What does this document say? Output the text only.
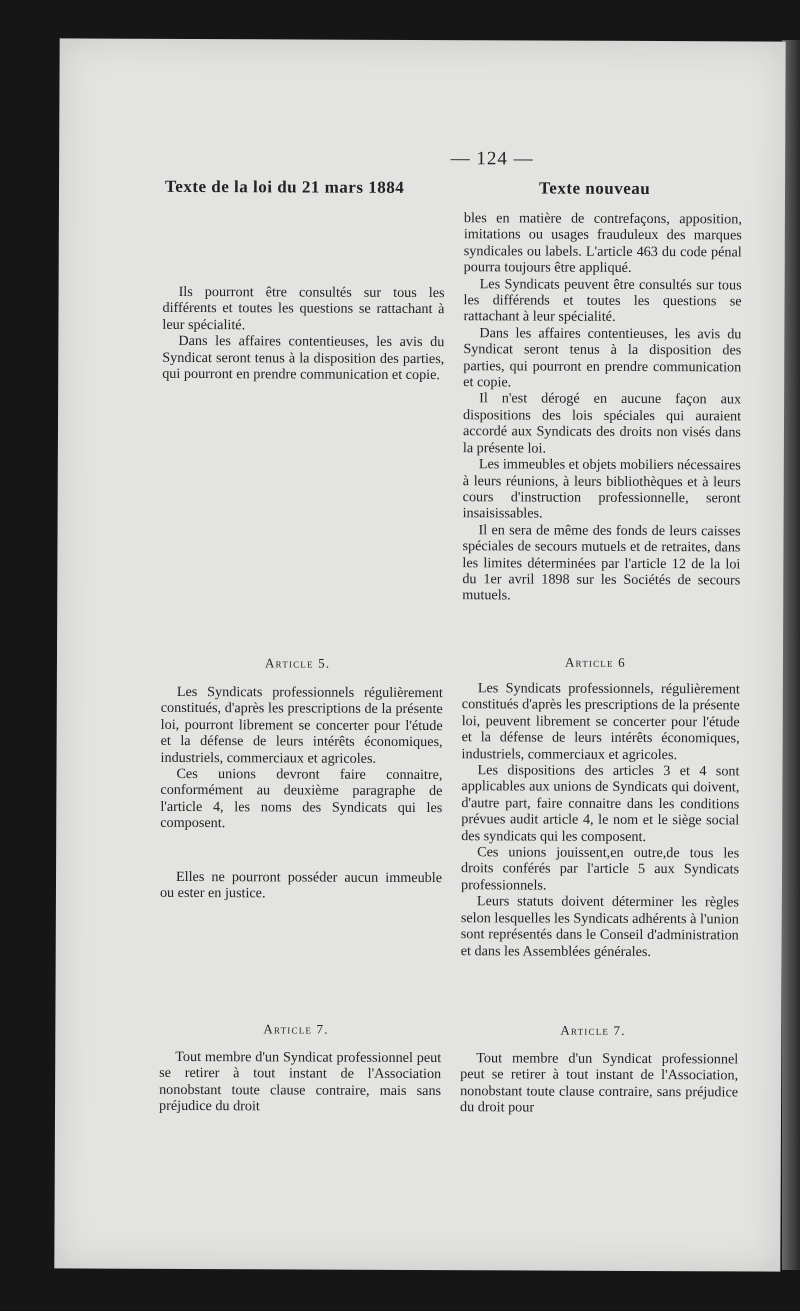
— 124 —
Texte de la loi du 21 mars 1884	Texte nouveau

Ils pourront être consultés sur tous les différents et toutes les questions se rattachant à leur spécialité.

Dans les affaires contentieuses, les avis du Syndicat seront tenus à la disposition des parties, qui pourront en prendre communication et copie.

Article 5.

Les Syndicats professionnels régulièrement constitués, d'après les prescriptions de la présente loi, pourront librement se concerter pour l'étude et la défense de leurs intérêts économiques, industriels, commerciaux et agricoles.

Ces unions devront faire connaitre, conformément au deuxième paragraphe de l'article 4, les noms des Syndicats qui les composent.

Elles ne pourront posséder aucun immeuble ou ester en justice.

Article 7.

Tout membre d'un Syndicat professionnel peut se retirer à tout instant de l'Association nonobstant toute clause contraire, mais sans préjudice du droit

bles en matière de contrefaçons, apposition, imitations ou usages frauduleux des marques syndicales ou labels. L'article 463 du code pénal pourra toujours être appliqué.

Les Syndicats peuvent être consultés sur tous les différends et toutes les questions se rattachant à leur spécialité.

Dans les affaires contentieuses, les avis du Syndicat seront tenus à la disposition des parties, qui pourront en prendre communication et copie.

Il n'est dérogé en aucune façon aux dispositions des lois spéciales qui auraient accordé aux Syndicats des droits non visés dans la présente loi.

Les immeubles et objets mobiliers nécessaires à leurs réunions, à leurs bibliothèques et à leurs cours d'instruction professionnelle, seront insaisissables.

Il en sera de même des fonds de leurs caisses spéciales de secours mutuels et de retraites, dans les limites déterminées par l'article 12 de la loi du 1er avril 1898 sur les Sociétés de secours mutuels.

Article 6

Les Syndicats professionnels, régulièrement constitués d'après les prescriptions de la présente loi, peuvent librement se concerter pour l'étude et la défense de leurs intérêts économiques, industriels, commerciaux et agricoles.

Les dispositions des articles 3 et 4 sont applicables aux unions de Syndicats qui doivent, d'autre part, faire connaitre dans les conditions prévues audit article 4, le nom et le siège social des syndicats qui les composent.

Ces unions jouissent,en outre,de tous les droits conférés par l'article 5 aux Syndicats professionnels.

Leurs statuts doivent déterminer les règles selon lesquelles les Syndicats adhérents à l'union sont représentés dans le Conseil d'administration et dans les Assemblées générales.

Article 7.

Tout membre d'un Syndicat professionnel peut se retirer à tout instant de l'Association, nonobstant toute clause contraire, sans préjudice du droit pour
